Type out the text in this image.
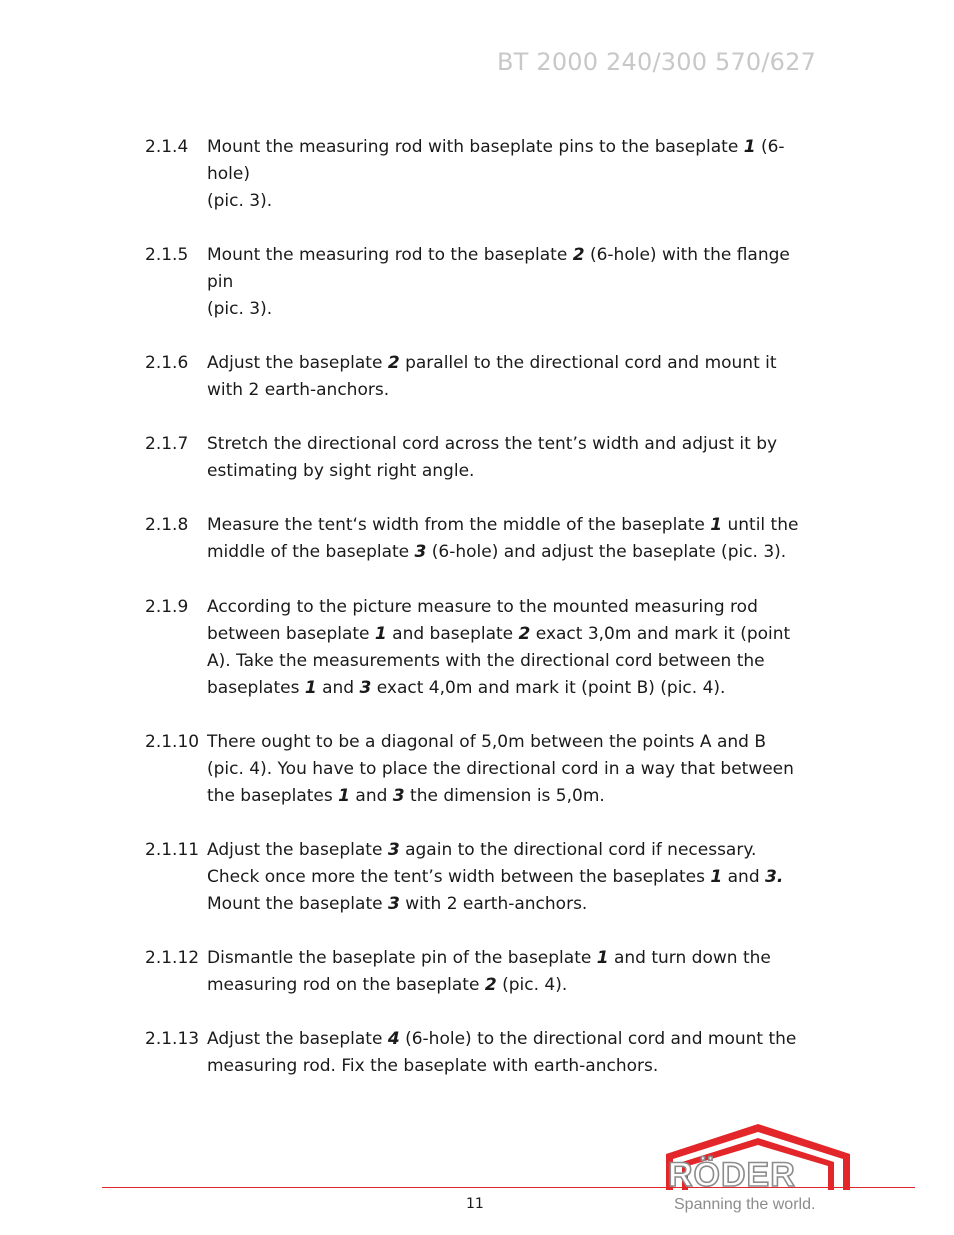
BT 2000 240/300 570/627
2.1.4 Mount the measuring rod with baseplate pins to the baseplate 1 (6-
hole)
(pic. 3).
2.1.5 Mount the measuring rod to the baseplate 2 (6-hole) with the flange
pin
(pic. 3).
2.1.6 Adjust the baseplate 2 parallel to the directional cord and mount it
with 2 earth-anchors.
2.1.7 Stretch the directional cord across the tent’s width and adjust it by
estimating by sight right angle.
2.1.8 Measure the tent‘s width from the middle of the baseplate 1 until the
middle of the baseplate 3 (6-hole) and adjust the baseplate (pic. 3).
2.1.9 According to the picture measure to the mounted measuring rod
between baseplate 1 and baseplate 2 exact 3,0m and mark it (point
A). Take the measurements with the directional cord between the
baseplates 1 and 3 exact 4,0m and mark it (point B) (pic. 4).
2.1.10 There ought to be a diagonal of 5,0m between the points A and B
(pic. 4). You have to place the directional cord in a way that between
the baseplates 1 and 3 the dimension is 5,0m.
2.1.11 Adjust the baseplate 3 again to the directional cord if necessary.
Check once more the tent’s width between the baseplates 1 and 3.
Mount the baseplate 3 with 2 earth-anchors.
2.1.12 Dismantle the baseplate pin of the baseplate 1 and turn down the
measuring rod on the baseplate 2 (pic. 4).
2.1.13 Adjust the baseplate 4 (6-hole) to the directional cord and mount the
measuring rod. Fix the baseplate with earth-anchors.
11
RÖDER
Spanning the world.
